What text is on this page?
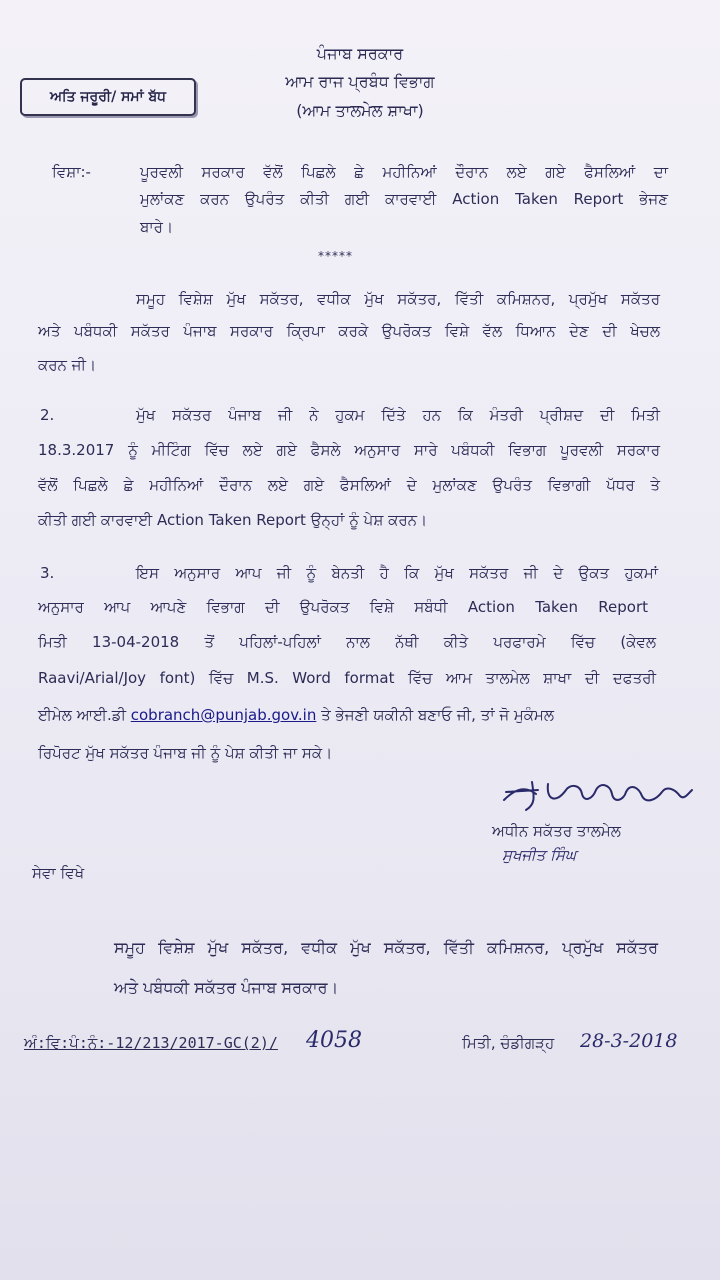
ਪੰਜਾਬ ਸਰਕਾਰ
ਆਮ ਰਾਜ ਪ੍ਰਬੰਧ ਵਿਭਾਗ
(ਆਮ ਤਾਲਮੇਲ ਸ਼ਾਖਾ)
ਅਤਿ ਜਰੂਰੀ/ ਸਮਾਂ ਬੱਧ
ਵਿਸ਼ਾ:-	ਪੂਰਵਲੀ ਸਰਕਾਰ ਵੱਲੋਂ ਪਿਛਲੇ ਛੇ ਮਹੀਨਿਆਂ ਦੌਰਾਨ ਲਏ ਗਏ ਫੈਸਲਿਆਂ ਦਾ
ਮੁਲਾਂਕਣ ਕਰਨ ਉਪਰੰਤ ਕੀਤੀ ਗਈ ਕਾਰਵਾਈ Action Taken Report ਭੇਜਣ
ਬਾਰੇ।
*****
ਸਮੂਹ ਵਿਸ਼ੇਸ਼ ਮੁੱਖ ਸਕੱਤਰ, ਵਧੀਕ ਮੁੱਖ ਸਕੱਤਰ, ਵਿੱਤੀ ਕਮਿਸ਼ਨਰ, ਪ੍ਰਮੁੱਖ ਸਕੱਤਰ
ਅਤੇ ਪਬੰਧਕੀ ਸਕੱਤਰ ਪੰਜਾਬ ਸਰਕਾਰ ਕ੍ਰਿਪਾ ਕਰਕੇ ਉਪਰੋਕਤ ਵਿਸ਼ੇ ਵੱਲ ਧਿਆਨ ਦੇਣ ਦੀ ਖੇਚਲ
ਕਰਨ ਜੀ।
2.	ਮੁੱਖ ਸਕੱਤਰ ਪੰਜਾਬ ਜੀ ਨੇ ਹੁਕਮ ਦਿੱਤੇ ਹਨ ਕਿ ਮੰਤਰੀ ਪ੍ਰੀਸ਼ਦ ਦੀ ਮਿਤੀ
18.3.2017 ਨੂੰ ਮੀਟਿੰਗ ਵਿੱਚ ਲਏ ਗਏ ਫੈਸਲੇ ਅਨੁਸਾਰ ਸਾਰੇ ਪਬੰਧਕੀ ਵਿਭਾਗ ਪੂਰਵਲੀ ਸਰਕਾਰ
ਵੱਲੋਂ ਪਿਛਲੇ ਛੇ ਮਹੀਨਿਆਂ ਦੌਰਾਨ ਲਏ ਗਏ ਫੈਸਲਿਆਂ ਦੇ ਮੁਲਾਂਕਣ ਉਪਰੰਤ ਵਿਭਾਗੀ ਪੱਧਰ ਤੇ
ਕੀਤੀ ਗਈ ਕਾਰਵਾਈ Action Taken Report ਉਨ੍ਹਾਂ ਨੂੰ ਪੇਸ਼ ਕਰਨ।
3.	ਇਸ ਅਨੁਸਾਰ ਆਪ ਜੀ ਨੂੰ ਬੇਨਤੀ ਹੈ ਕਿ ਮੁੱਖ ਸਕੱਤਰ ਜੀ ਦੇ ਉਕਤ ਹੁਕਮਾਂ
ਅਨੁਸਾਰ ਆਪ ਆਪਣੇ ਵਿਭਾਗ ਦੀ ਉਪਰੋਕਤ ਵਿਸ਼ੇ ਸਬੰਧੀ Action Taken Report
ਮਿਤੀ 13-04-2018 ਤੋਂ ਪਹਿਲਾਂ-ਪਹਿਲਾਂ ਨਾਲ ਨੱਥੀ ਕੀਤੇ ਪਰਫਾਰਮੇ ਵਿੱਚ (ਕੇਵਲ
Raavi/Arial/Joy font) ਵਿੱਚ M.S. Word format ਵਿੱਚ ਆਮ ਤਾਲਮੇਲ ਸ਼ਾਖਾ ਦੀ ਦਫਤਰੀ
ਈਮੇਲ ਆਈ.ਡੀ cobranch@punjab.gov.in ਤੇ ਭੇਜਣੀ ਯਕੀਨੀ ਬਣਾਓ ਜੀ, ਤਾਂ ਜੋ ਮੁਕੰਮਲ
ਰਿਪੋਰਟ ਮੁੱਖ ਸਕੱਤਰ ਪੰਜਾਬ ਜੀ ਨੂੰ ਪੇਸ਼ ਕੀਤੀ ਜਾ ਸਕੇ।
ਅਧੀਨ ਸਕੱਤਰ ਤਾਲਮੇਲ
ਸੁਖਜੀਤ ਸਿੰਘ
ਸੇਵਾ ਵਿਖੇ
ਸਮੂਹ ਵਿਸ਼ੇਸ਼ ਮੁੱਖ ਸਕੱਤਰ, ਵਧੀਕ ਮੁੱਖ ਸਕੱਤਰ, ਵਿੱਤੀ ਕਮਿਸ਼ਨਰ, ਪ੍ਰਮੁੱਖ ਸਕੱਤਰ
ਅਤੇ ਪਬੰਧਕੀ ਸਕੱਤਰ ਪੰਜਾਬ ਸਰਕਾਰ।
ਅੰ:ਵਿ:ਪੰ:ਨੰ:-12/213/2017-GC(2)/ 4058	ਮਿਤੀ, ਚੰਡੀਗੜ੍ਹ 28-3-2018
